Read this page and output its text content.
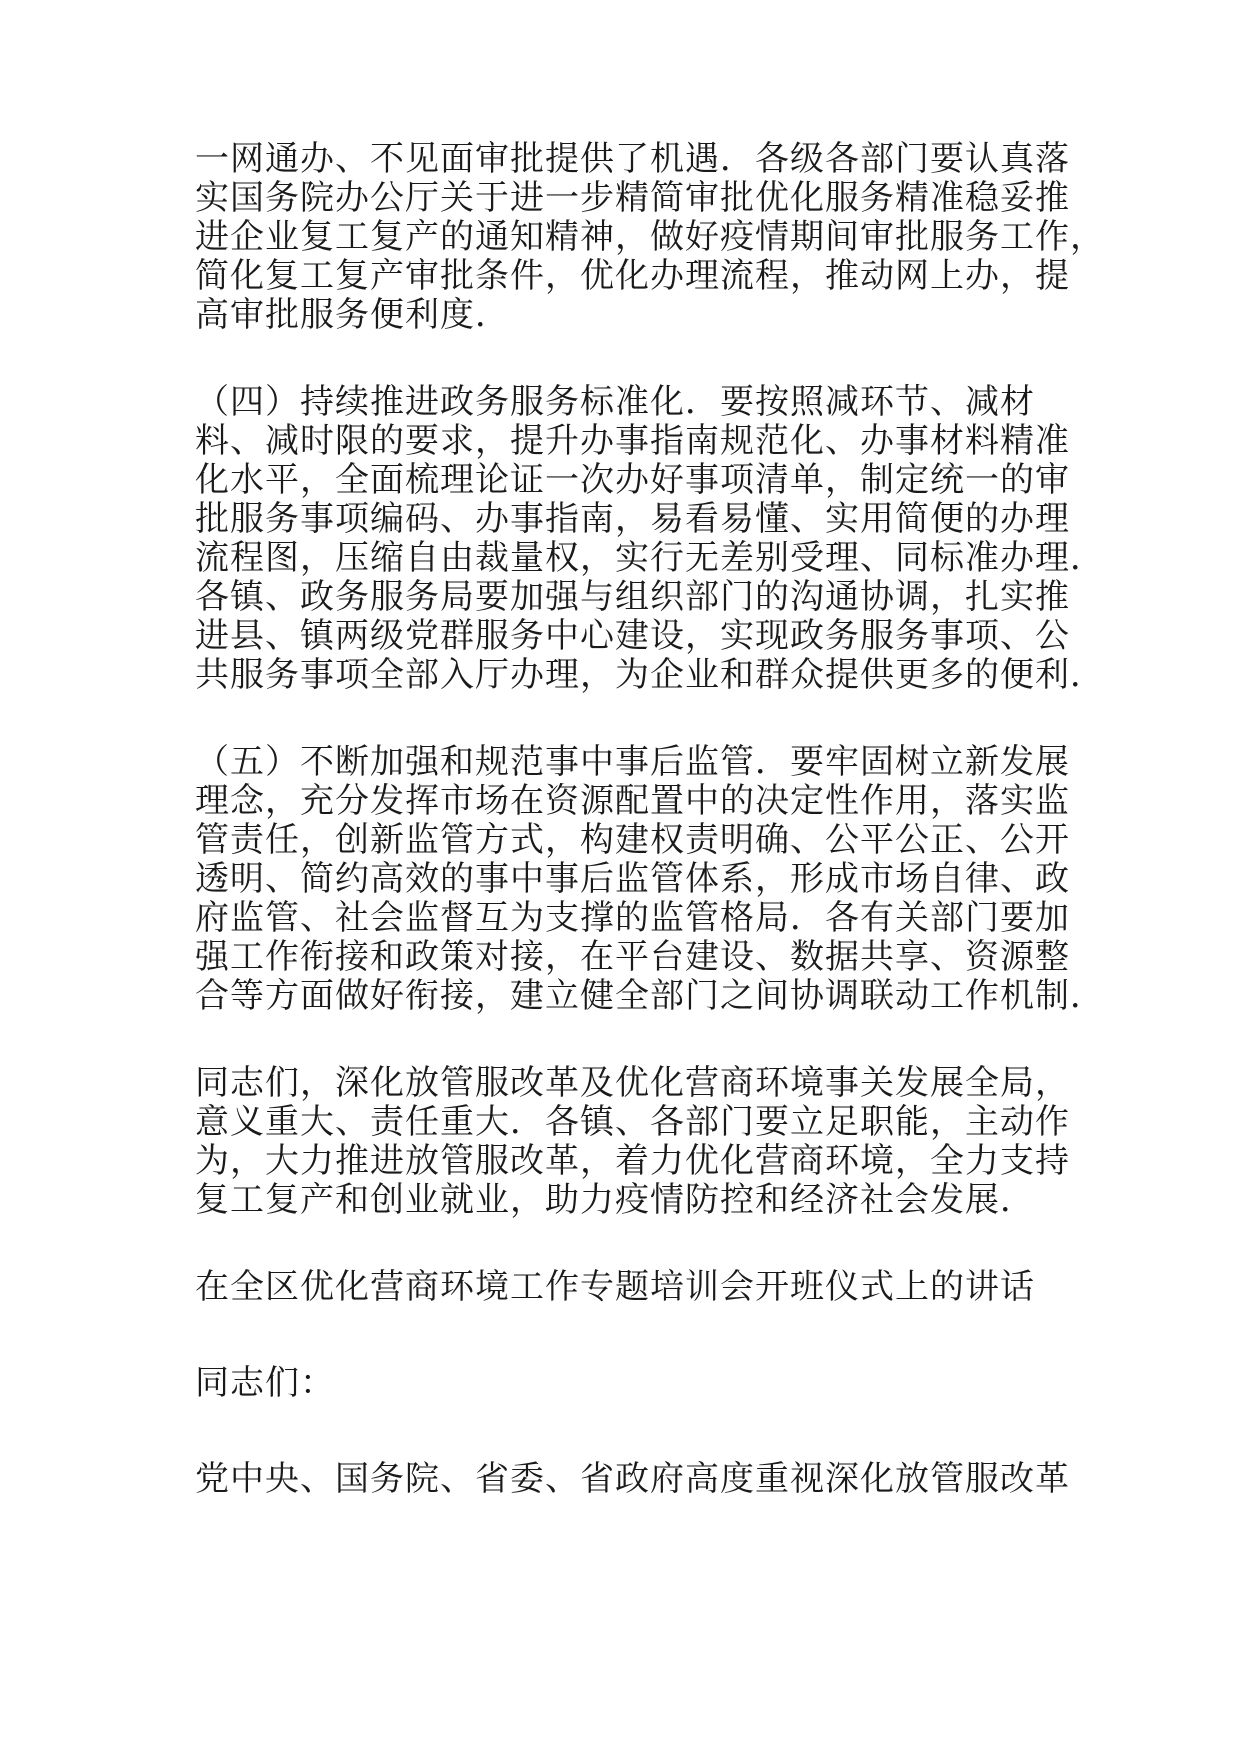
一网通办、不见面审批提供了机遇．各级各部门要认真落
实国务院办公厅关于进一步精简审批优化服务精准稳妥推
进企业复工复产的通知精神，做好疫情期间审批服务工作，
简化复工复产审批条件，优化办理流程，推动网上办，提
高审批服务便利度．
（四）持续推进政务服务标准化．要按照减环节、减材
料、减时限的要求，提升办事指南规范化、办事材料精准
化水平，全面梳理论证一次办好事项清单，制定统一的审
批服务事项编码、办事指南，易看易懂、实用简便的办理
流程图，压缩自由裁量权，实行无差别受理、同标准办理．
各镇、政务服务局要加强与组织部门的沟通协调，扎实推
进县、镇两级党群服务中心建设，实现政务服务事项、公
共服务事项全部入厅办理，为企业和群众提供更多的便利．
（五）不断加强和规范事中事后监管．要牢固树立新发展
理念，充分发挥市场在资源配置中的决定性作用，落实监
管责任，创新监管方式，构建权责明确、公平公正、公开
透明、简约高效的事中事后监管体系，形成市场自律、政
府监管、社会监督互为支撑的监管格局．各有关部门要加
强工作衔接和政策对接，在平台建设、数据共享、资源整
合等方面做好衔接，建立健全部门之间协调联动工作机制．
同志们，深化放管服改革及优化营商环境事关发展全局，
意义重大、责任重大．各镇、各部门要立足职能，主动作
为，大力推进放管服改革，着力优化营商环境，全力支持
复工复产和创业就业，助力疫情防控和经济社会发展．
在全区优化营商环境工作专题培训会开班仪式上的讲话
同志们：
党中央、国务院、省委、省政府高度重视深化放管服改革
